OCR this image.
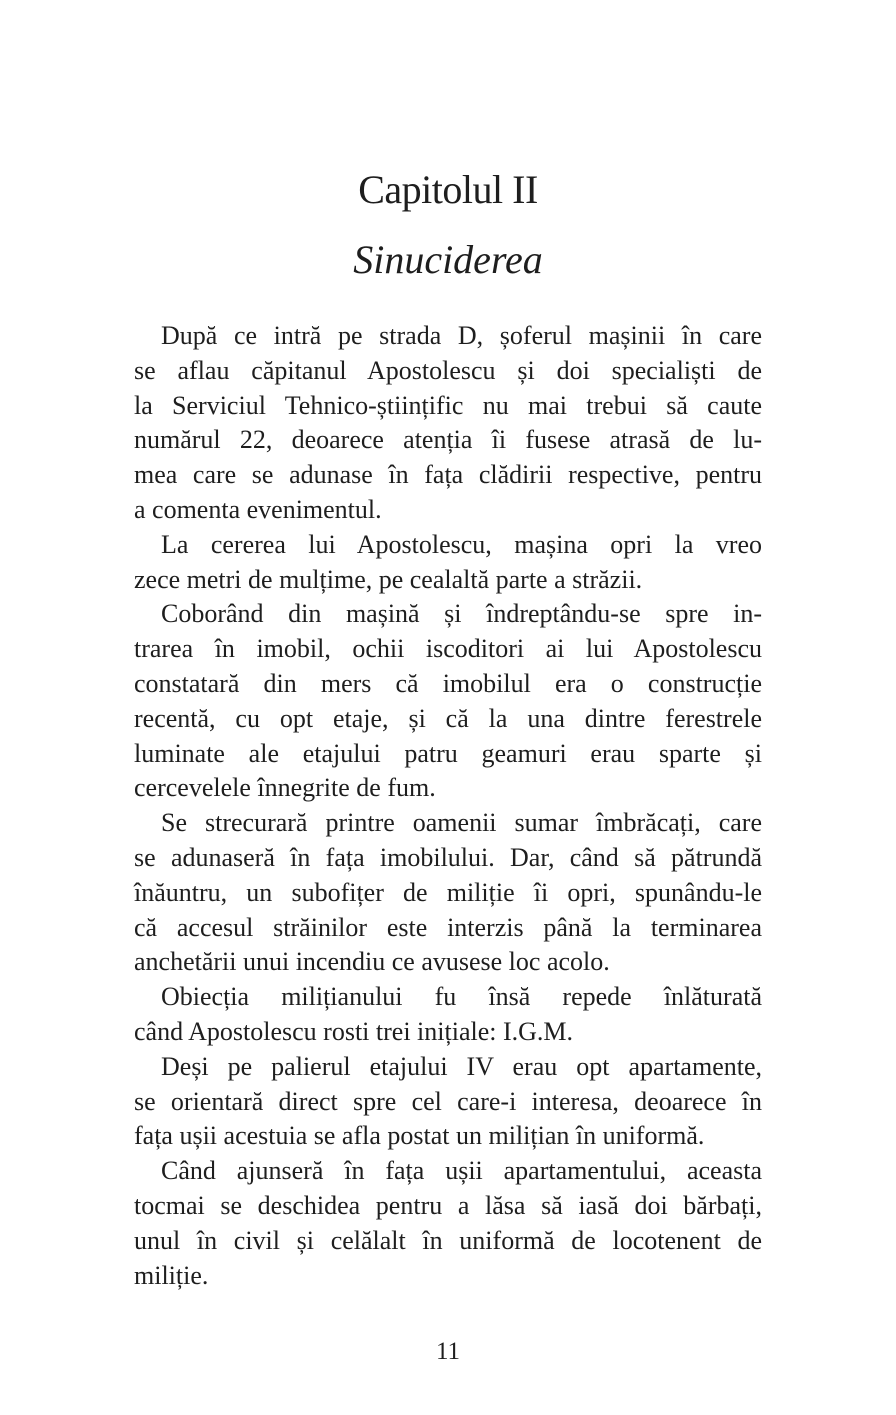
Capitolul II
Sinuciderea
După ce intră pe strada D, șoferul mașinii în care
se aflau căpitanul Apostolescu și doi specialiști de
la Serviciul Tehnico-științific nu mai trebui să caute
numărul 22, deoarece atenția îi fusese atrasă de lu-
mea care se adunase în fața clădirii respective, pentru
a comenta evenimentul.
La cererea lui Apostolescu, mașina opri la vreo
zece metri de mulțime, pe cealaltă parte a străzii.
Coborând din mașină și îndreptându-se spre in-
trarea în imobil, ochii iscoditori ai lui Apostolescu
constatară din mers că imobilul era o construcție
recentă, cu opt etaje, și că la una dintre ferestrele
luminate ale etajului patru geamuri erau sparte și
cercevelele înnegrite de fum.
Se strecurară printre oamenii sumar îmbrăcați, care
se adunaseră în fața imobilului. Dar, când să pătrundă
înăuntru, un subofițer de miliție îi opri, spunându-le
că accesul străinilor este interzis până la terminarea
anchetării unui incendiu ce avusese loc acolo.
Obiecția milițianului fu însă repede înlăturată
când Apostolescu rosti trei inițiale: I.G.M.
Deși pe palierul etajului IV erau opt apartamente,
se orientară direct spre cel care-i interesa, deoarece în
fața ușii acestuia se afla postat un milițian în uniformă.
Când ajunseră în fața ușii apartamentului, aceasta
tocmai se deschidea pentru a lăsa să iasă doi bărbați,
unul în civil și celălalt în uniformă de locotenent de
miliție.
11
